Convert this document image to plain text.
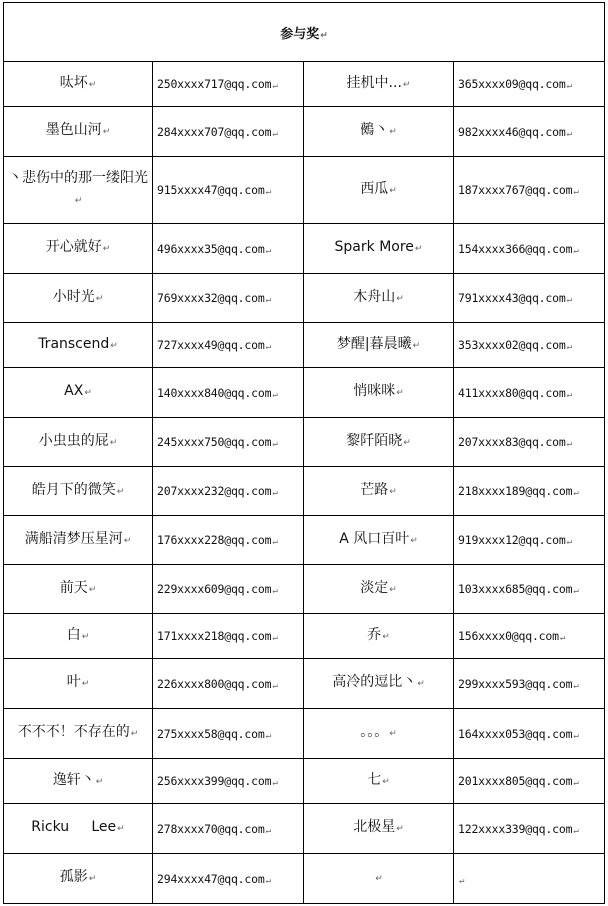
参与奖↵			
呔坏↵	250xxxx717@qq.com↵	挂机中...↵	365xxxx09@qq.com↵
墨色山河↵	284xxxx707@qq.com↵	鵺丶↵	982xxxx46@qq.com↵
丶悲伤中的那一缕阳光↵	915xxxx47@qq.com↵	西瓜↵	187xxxx767@qq.com↵
开心就好↵	496xxxx35@qq.com↵	Spark More↵	154xxxx366@qq.com↵
小时光↵	769xxxx32@qq.com↵	木舟山↵	791xxxx43@qq.com↵
Transcend↵	727xxxx49@qq.com↵	梦醒|暮晨曦↵	353xxxx02@qq.com↵
AX↵	140xxxx840@qq.com↵	悄咪咪↵	411xxxx80@qq.com↵
小虫虫的屁↵	245xxxx750@qq.com↵	黎阡陌晓↵	207xxxx83@qq.com↵
皓月下的微笑↵	207xxxx232@qq.com↵	芒路↵	218xxxx189@qq.com↵
满船清梦压星河↵	176xxxx228@qq.com↵	A 风口百叶↵	919xxxx12@qq.com↵
前天↵	229xxxx609@qq.com↵	淡定↵	103xxxx685@qq.com↵
白↵	171xxxx218@qq.com↵	乔↵	156xxxx0@qq.com↵
叶↵	226xxxx800@qq.com↵	高冷的逗比丶↵	299xxxx593@qq.com↵
不不不！不存在的↵	275xxxx58@qq.com↵	。。。↵	164xxxx053@qq.com↵
逸轩丶↵	256xxxx399@qq.com↵	七↵	201xxxx805@qq.com↵
Ricku     Lee↵	278xxxx70@qq.com↵	北极星↵	122xxxx339@qq.com↵
孤影↵	294xxxx47@qq.com↵	↵	↵
